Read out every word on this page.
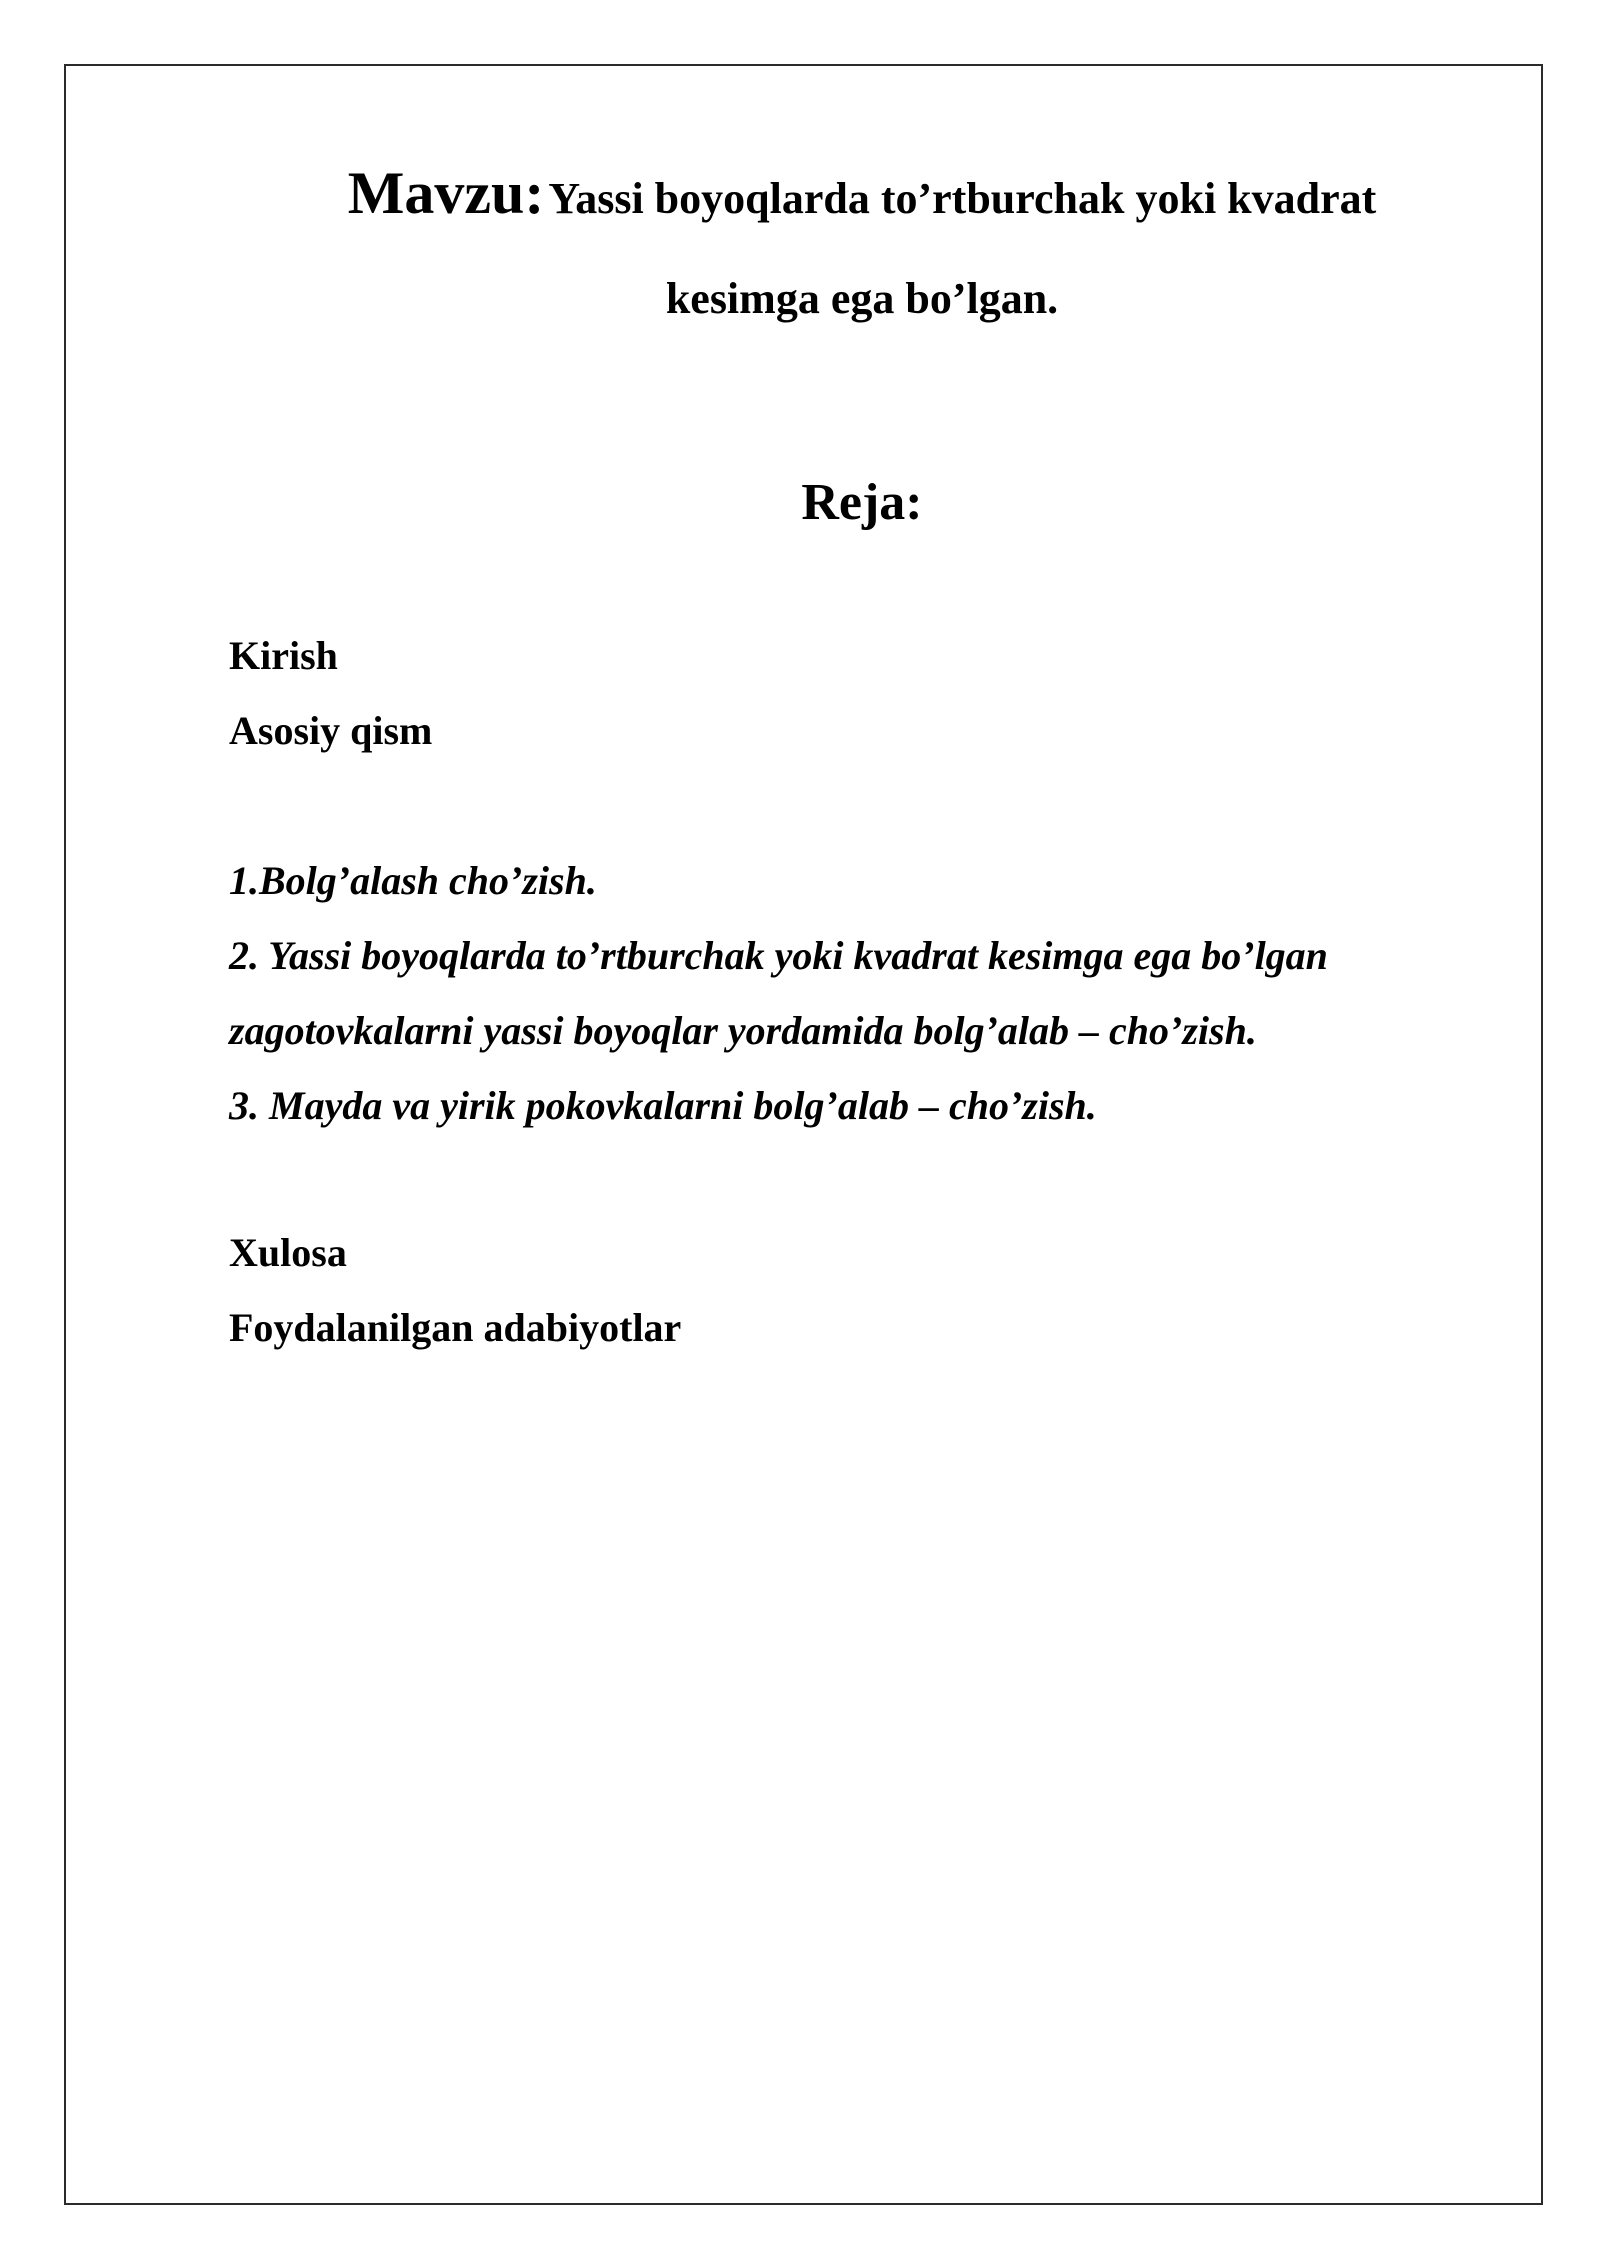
Mavzu: Yassi boyoqlarda to’rtburchak yoki kvadrat
kesimga ega bo’lgan.
Reja:
Kirish
Asosiy qism
1.Bolg’alash cho’zish.
2. Yassi boyoqlarda to’rtburchak yoki kvadrat kesimga ega bo’lgan
zagotovkalarni yassi boyoqlar yordamida bolg’alab – cho’zish.
3. Mayda va yirik pokovkalarni bolg’alab – cho’zish.
Xulosa
Foydalanilgan adabiyotlar
